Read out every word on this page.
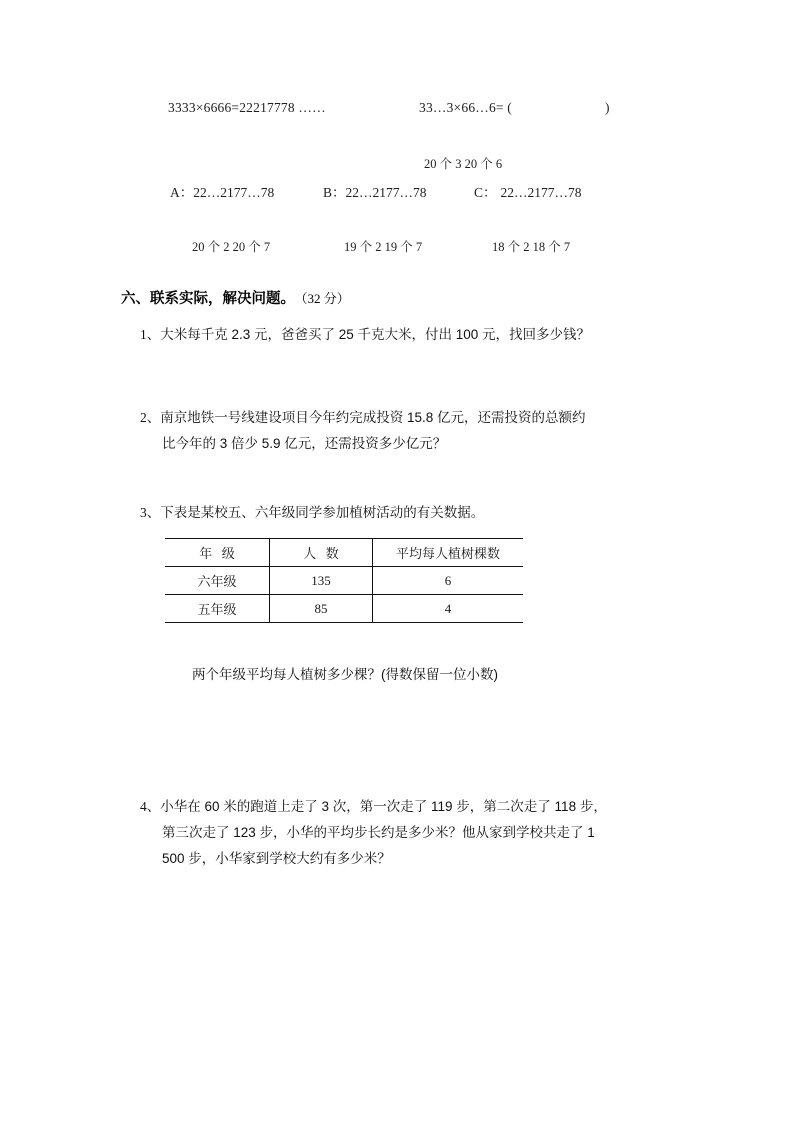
3333×6666=22217778 ……	33…3×66…6= (	)
20 个 3 20 个 6
A：22…2177…78	B：22…2177…78	C： 22…2177…78
20 个 2 20 个 7	19 个 2 19 个 7	18 个 2 18 个 7
六、联系实际，解决问题。 （32 分）
1、大米每千克 2.3 元，爸爸买了 25 千克大米，付出 100 元，找回多少钱？
2、南京地铁一号线建设项目今年约完成投资 15.8 亿元，还需投资的总额约
比今年的 3 倍少 5.9 亿元，还需投资多少亿元？
3、下表是某校五、六年级同学参加植树活动的有关数据。
年 级	人 数	平均每人植树棵数
六年级	135	6
五年级	85	4
两个年级平均每人植树多少棵？(得数保留一位小数)
4、小华在 60 米的跑道上走了 3 次，第一次走了 119 步，第二次走了 118 步，
第三次走了 123 步，小华的平均步长约是多少米？他从家到学校共走了 1
500 步，小华家到学校大约有多少米？
